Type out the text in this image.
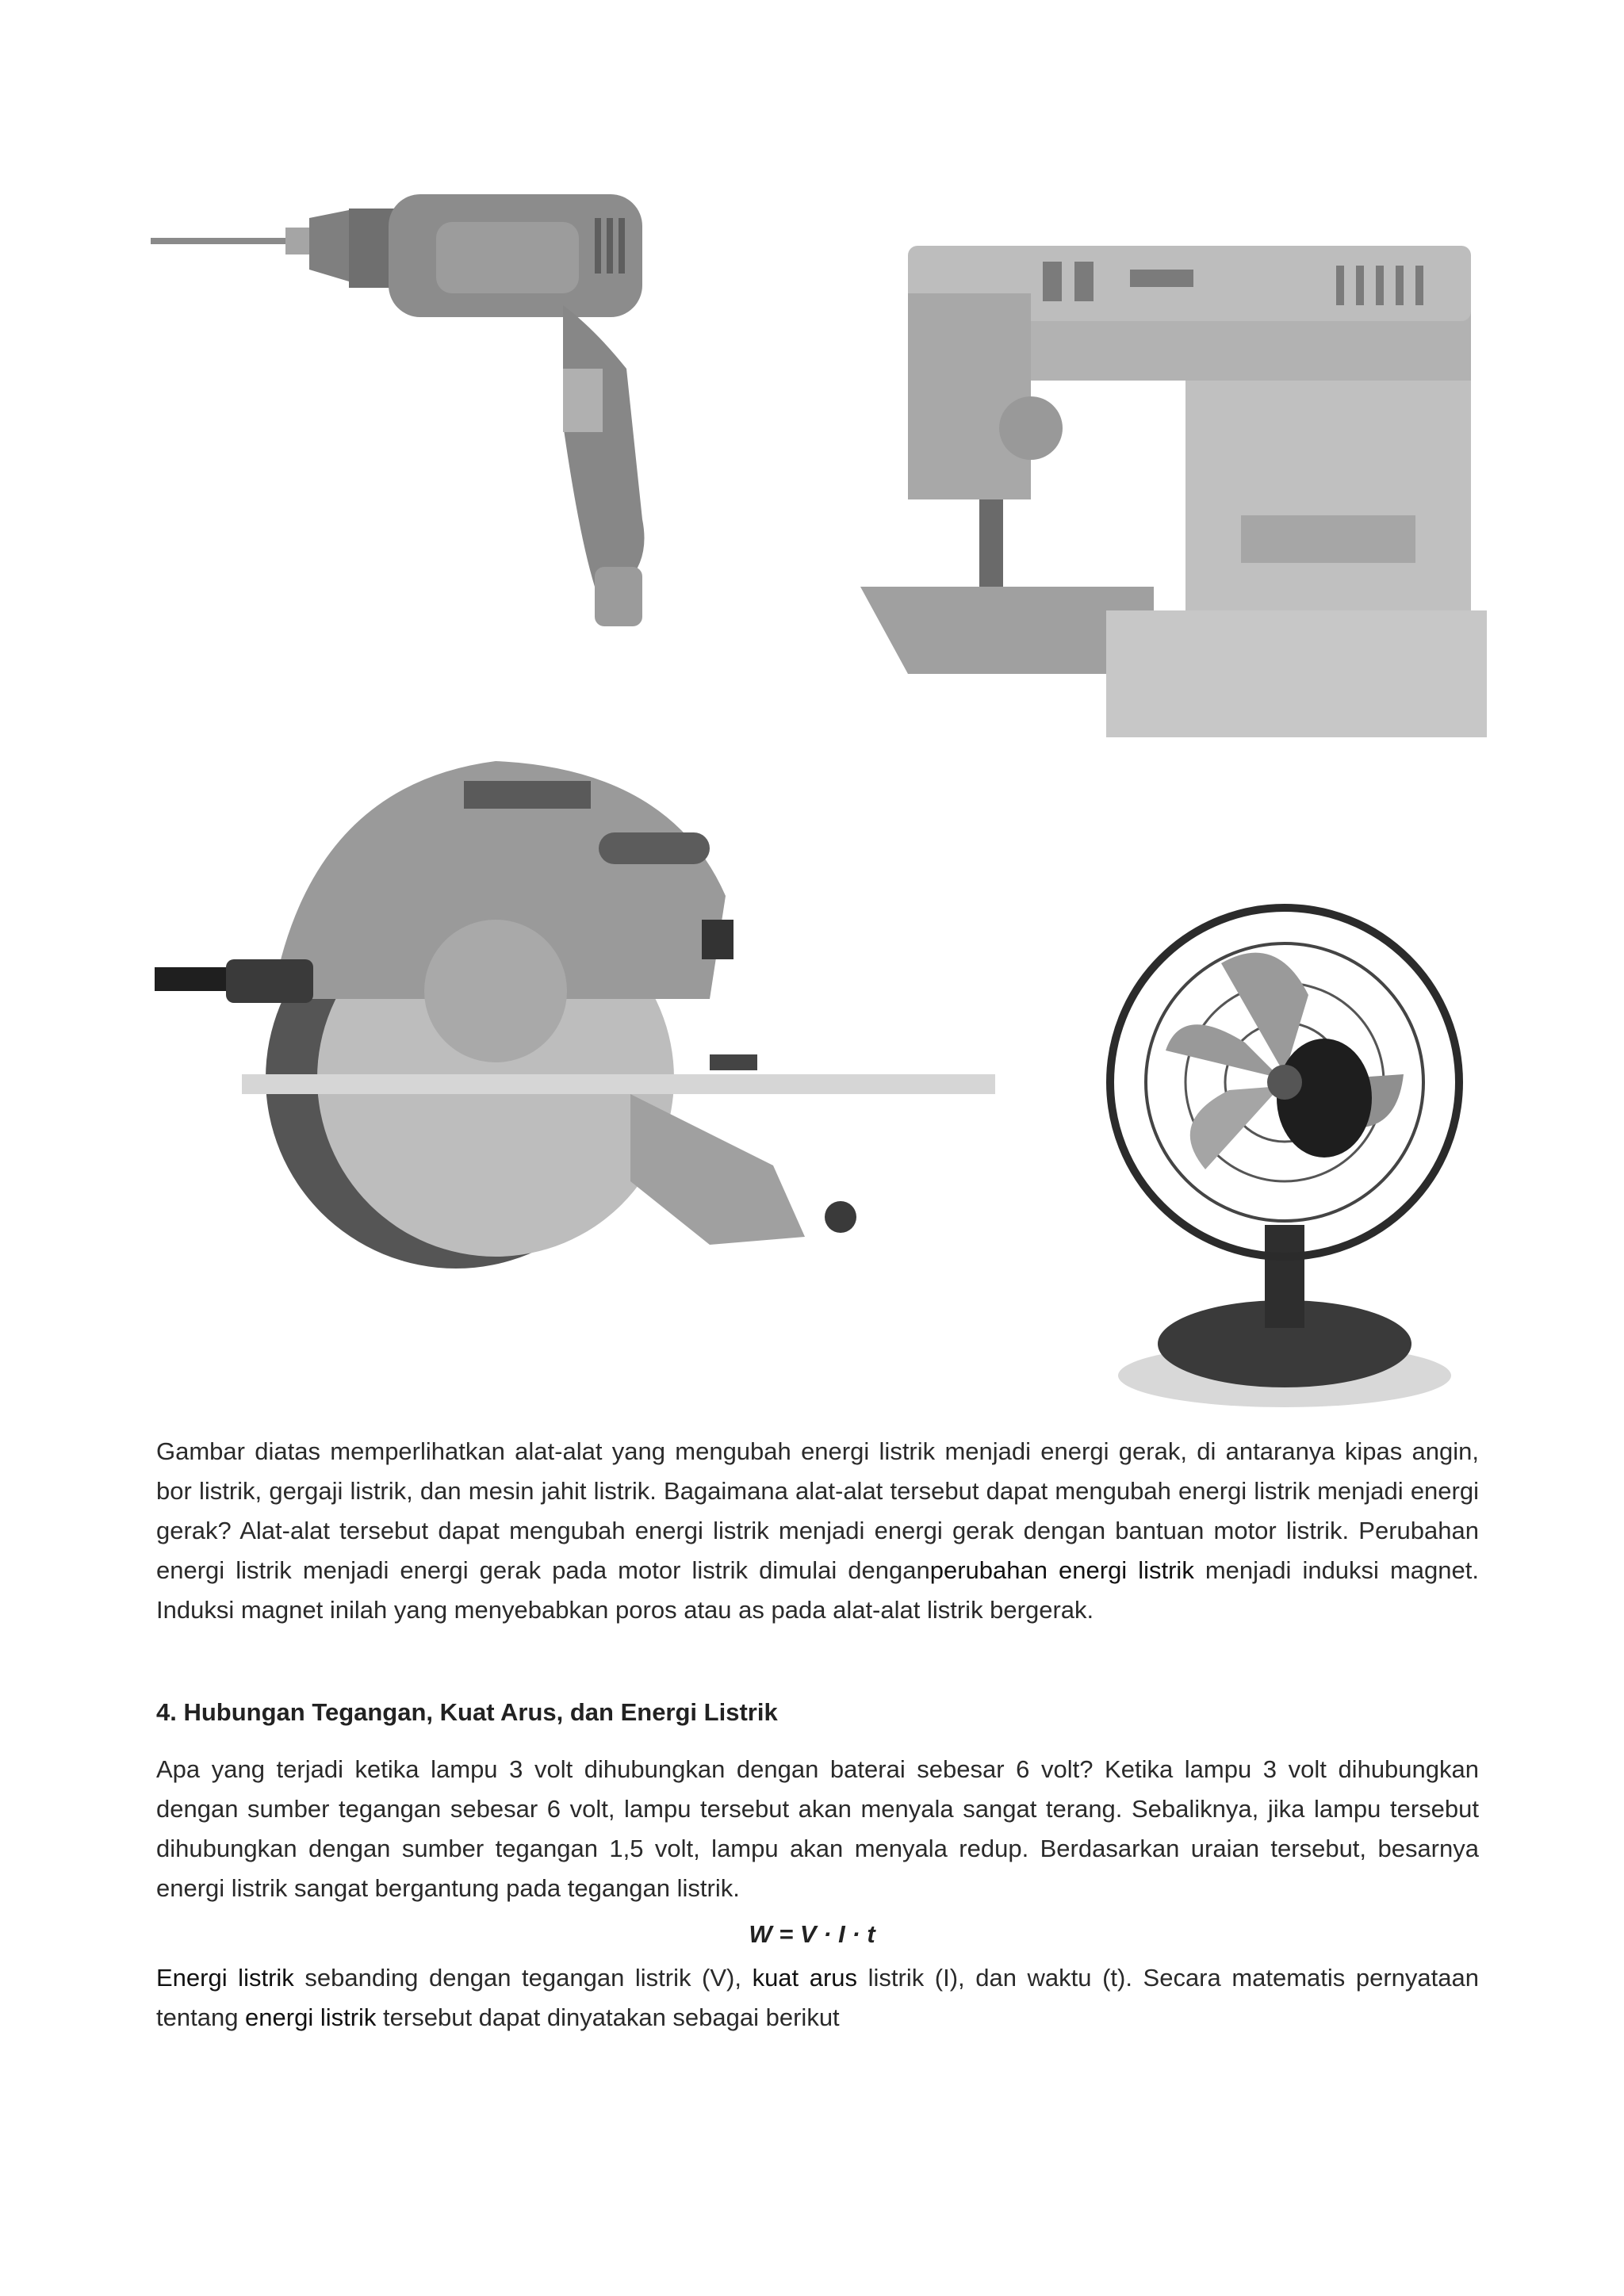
Gambar diatas memperlihatkan alat-alat yang mengubah energi listrik menjadi energi gerak, di antaranya kipas angin, bor listrik, gergaji listrik, dan mesin jahit listrik. Bagaimana alat-alat tersebut dapat mengubah energi listrik menjadi energi gerak? Alat-alat tersebut dapat mengubah energi listrik menjadi energi gerak dengan bantuan motor listrik. Perubahan energi listrik menjadi energi gerak pada motor listrik dimulai denganperubahan energi listrik menjadi induksi magnet. Induksi magnet inilah yang menyebabkan poros atau as pada alat-alat listrik bergerak.
4. Hubungan Tegangan, Kuat Arus, dan Energi Listrik
Apa yang terjadi ketika lampu 3 volt dihubungkan dengan baterai sebesar 6 volt? Ketika lampu 3 volt dihubungkan dengan sumber tegangan sebesar 6 volt, lampu tersebut akan menyala sangat terang. Sebaliknya, jika lampu tersebut dihubungkan dengan sumber tegangan 1,5 volt, lampu akan menyala redup. Berdasarkan uraian tersebut, besarnya energi listrik sangat bergantung pada tegangan listrik.
W = V · I · t
Energi listrik sebanding dengan tegangan listrik (V), kuat arus listrik (I), dan waktu (t). Secara matematis pernyataan tentang energi listrik tersebut dapat dinyatakan sebagai berikut
